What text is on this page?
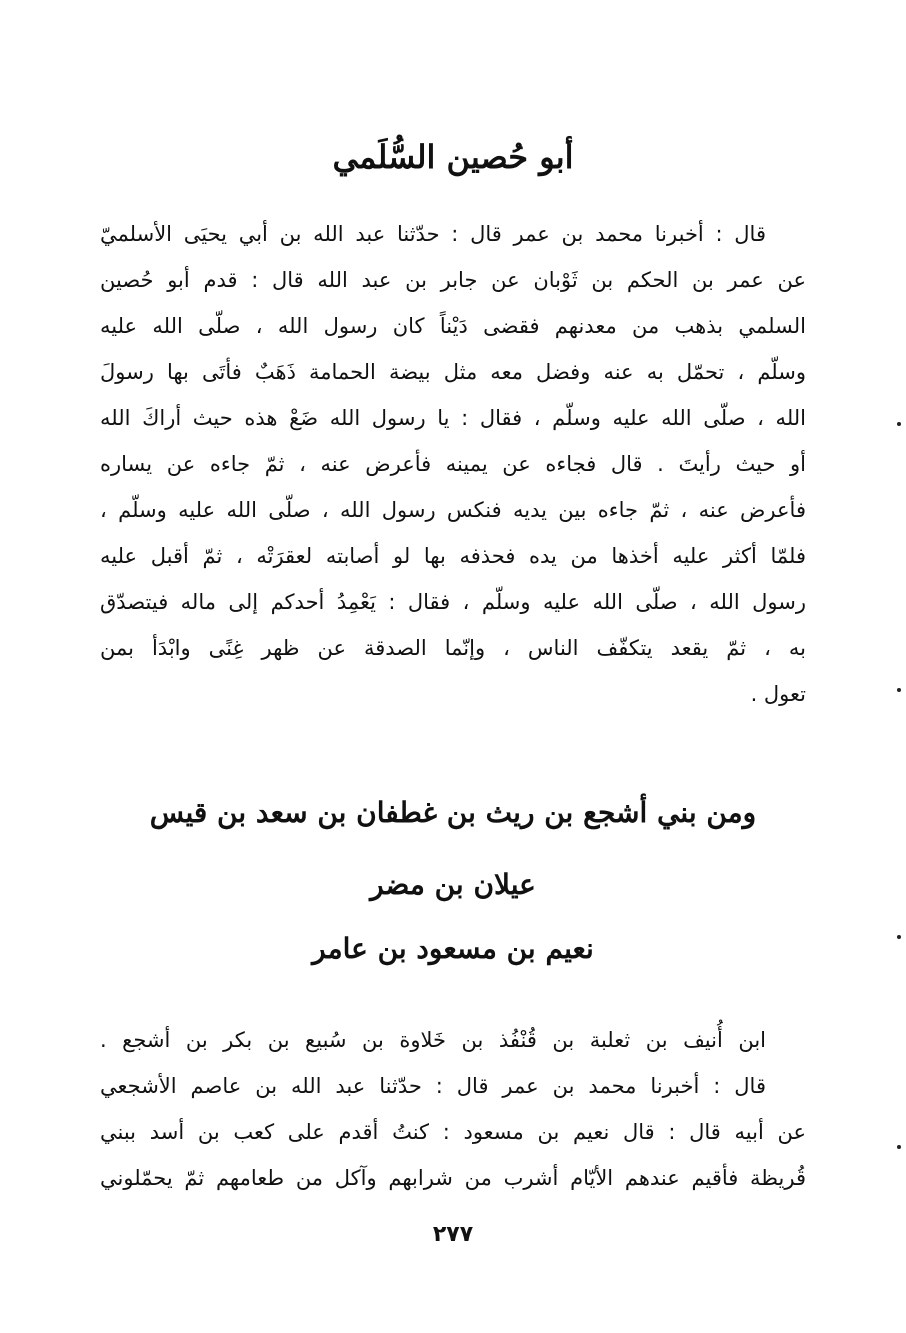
أبو حُصين السُّلَمي
قال : أخبرنا محمد بن عمر قال : حدّثنا عبد الله بن أبي يحيَى الأسلميّ
عن عمر بن الحكم بن ثَوْبان عن جابر بن عبد الله قال : قدم أبو حُصين
السلمي بذهب من معدنهم فقضى دَيْناً كان رسول الله ، صلّى الله عليه
وسلّم ، تحمّل به عنه وفضل معه مثل بيضة الحمامة ذَهَبٌ فأتَى بها رسولَ
الله ، صلّى الله عليه وسلّم ، فقال : يا رسول الله ضَعْ هذه حيث أراكَ الله
أو حيث رأيتَ . قال فجاءه عن يمينه فأعرض عنه ، ثمّ جاءه عن يساره
فأعرض عنه ، ثمّ جاءه بين يديه فنكس رسول الله ، صلّى الله عليه وسلّم ،
فلمّا أكثر عليه أخذها من يده فحذفه بها لو أصابته لعقرَتْه ، ثمّ أقبل عليه
رسول الله ، صلّى الله عليه وسلّم ، فقال : يَعْمِدُ أحدكم إلى ماله فيتصدّق
به ، ثمّ يقعد يتكفّف الناس ، وإنّما الصدقة عن ظهر غِنًى وابْدَأ بمن
تعول .
ومن بني أشجع بن ريث بن غطفان بن سعد بن قيس
عيلان بن مضر
نعيم بن مسعود بن عامر
ابن أُنيف بن ثعلبة بن قُنْفُذ بن خَلاوة بن سُبيع بن بكر بن أشجع .
قال : أخبرنا محمد بن عمر قال : حدّثنا عبد الله بن عاصم الأشجعي
عن أبيه قال : قال نعيم بن مسعود : كنتُ أقدم على كعب بن أسد ببني
قُريظة فأقيم عندهم الأيّام أشرب من شرابهم وآكل من طعامهم ثمّ يحمّلوني
٢٧٧
